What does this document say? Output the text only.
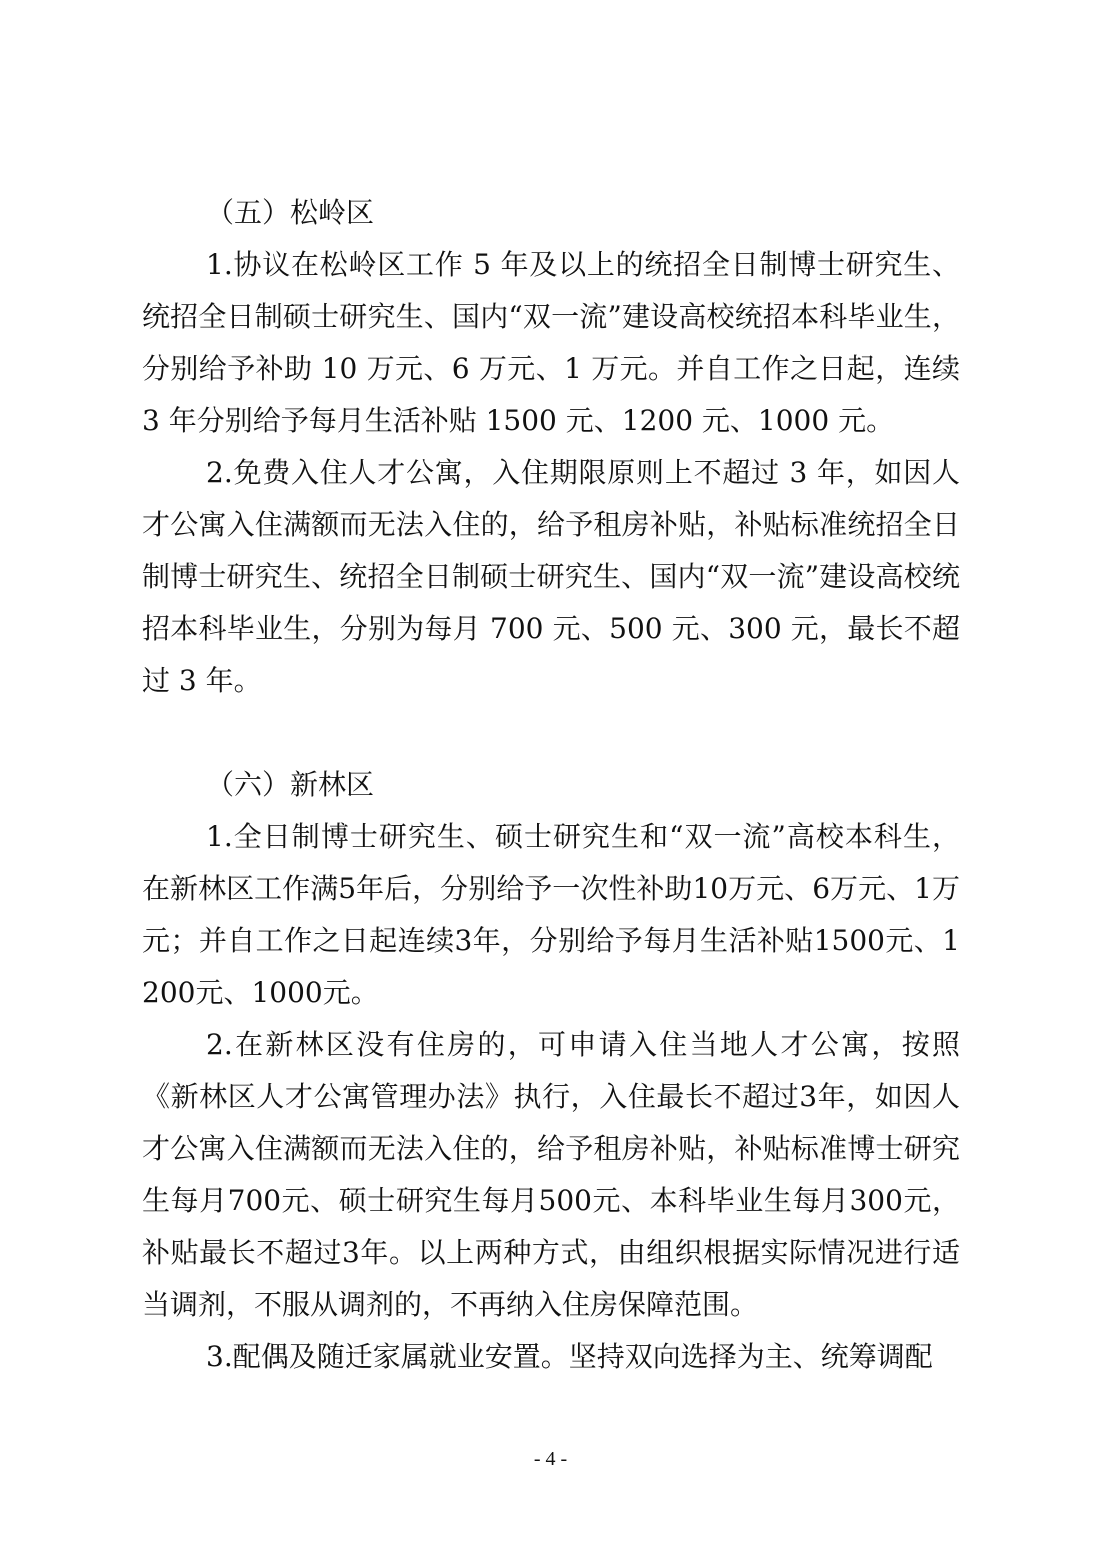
（五）松岭区

1.协议在松岭区工作 5 年及以上的统招全日制博士研究生、统招全日制硕士研究生、国内“双一流”建设高校统招本科毕业生，分别给予补助 10 万元、6 万元、1 万元。并自工作之日起，连续 3 年分别给予每月生活补贴 1500 元、1200 元、1000 元。

2.免费入住人才公寓，入住期限原则上不超过 3 年，如因人才公寓入住满额而无法入住的，给予租房补贴，补贴标准统招全日制博士研究生、统招全日制硕士研究生、国内“双一流”建设高校统招本科毕业生，分别为每月 700 元、500 元、300 元，最长不超过 3 年。

（六）新林区

1.全日制博士研究生、硕士研究生和“双一流”高校本科生，在新林区工作满5年后，分别给予一次性补助10万元、6万元、1万元；并自工作之日起连续3年，分别给予每月生活补贴1500元、1200元、1000元。

2.在新林区没有住房的，可申请入住当地人才公寓，按照《新林区人才公寓管理办法》执行，入住最长不超过3年，如因人才公寓入住满额而无法入住的，给予租房补贴，补贴标准博士研究生每月700元、硕士研究生每月500元、本科毕业生每月300元，补贴最长不超过3年。以上两种方式，由组织根据实际情况进行适当调剂，不服从调剂的，不再纳入住房保障范围。

3.配偶及随迁家属就业安置。坚持双向选择为主、统筹调配

- 4 -
